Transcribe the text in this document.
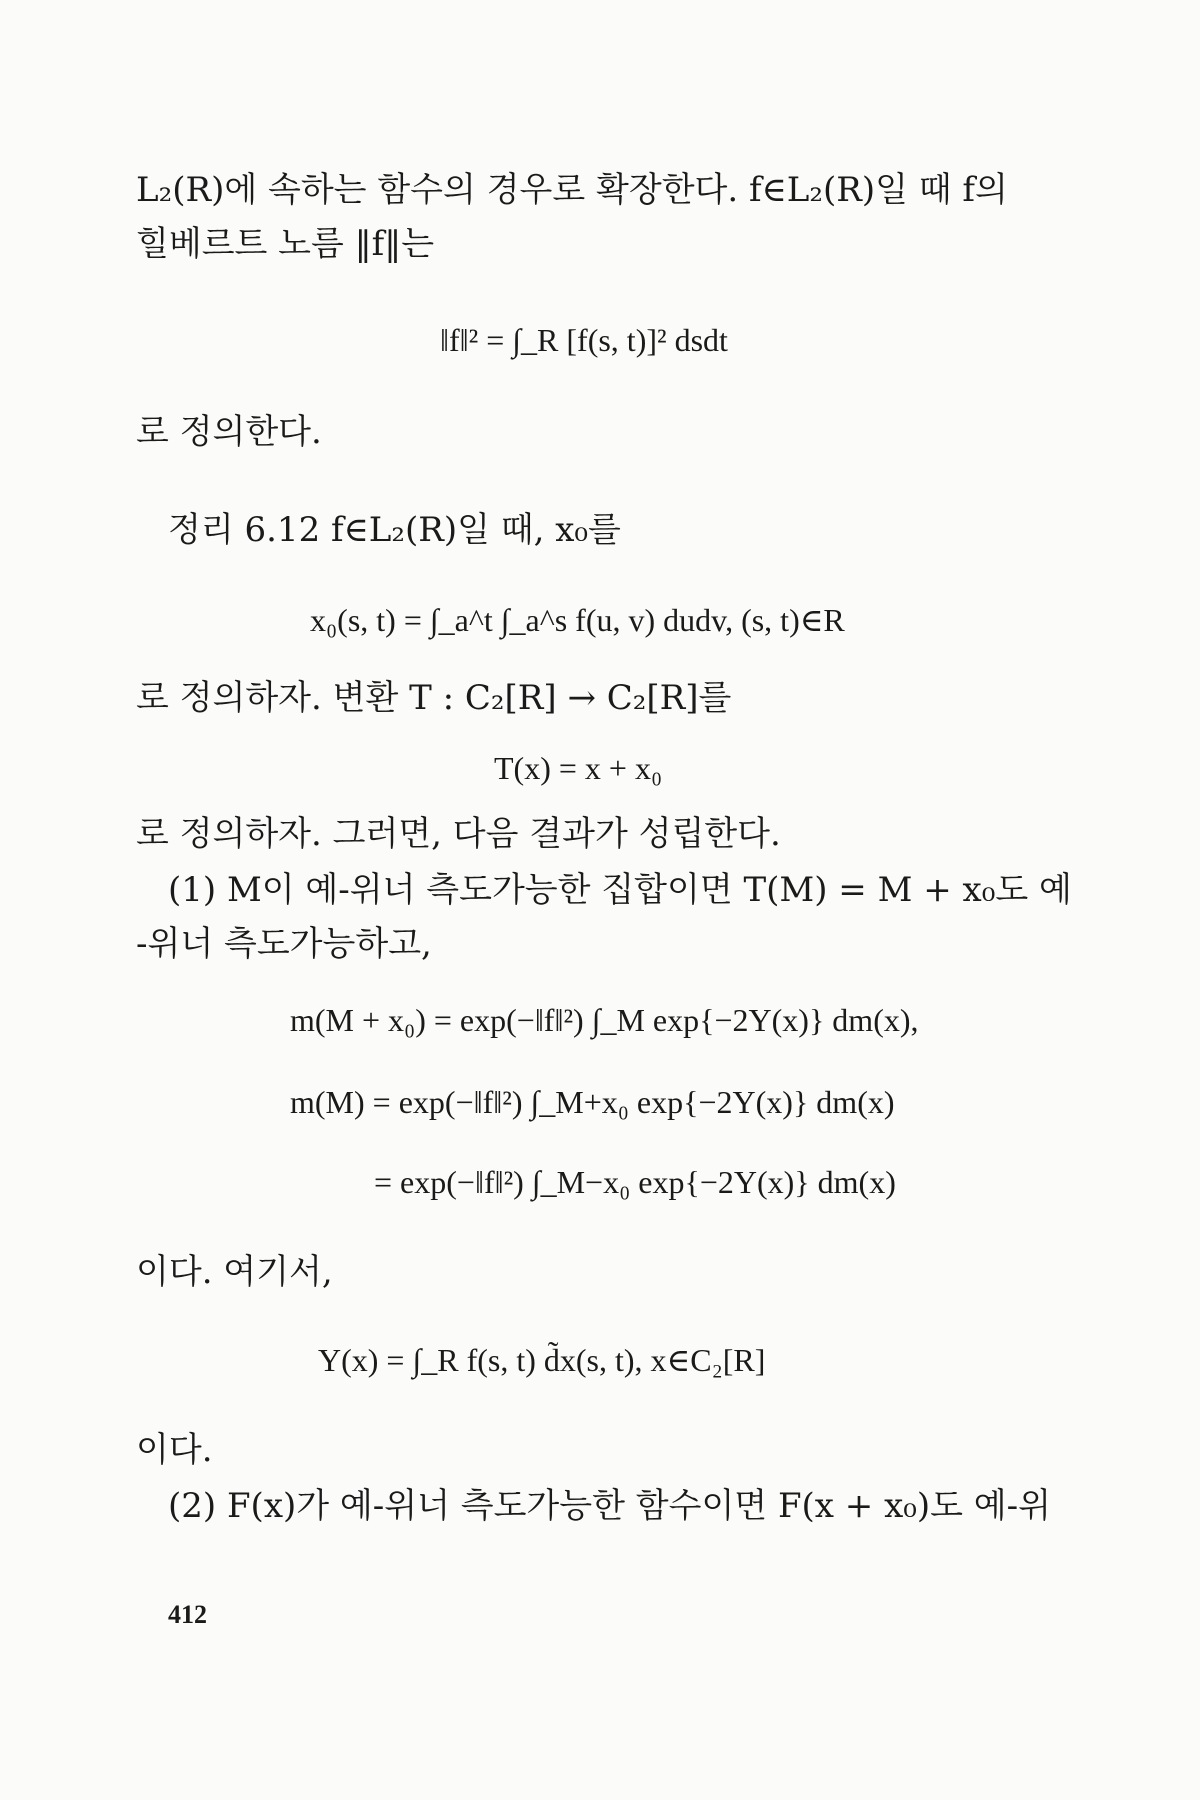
L₂(R)에 속하는 함수의 경우로 확장한다. f∈L₂(R)일 때 f의
힐베르트 노름 ‖f‖는
‖f‖² = ∫_R [f(s, t)]² dsdt
로 정의한다.
정리 6.12 f∈L₂(R)일 때, x₀를
x₀(s, t) = ∫_a^t ∫_a^s f(u, v) dudv, (s, t)∈R
로 정의하자. 변환 T : C₂[R] → C₂[R]를
T(x) = x + x₀
로 정의하자. 그러면, 다음 결과가 성립한다.
(1) M이 예-위너 측도가능한 집합이면 T(M) = M + x₀도 예
-위너 측도가능하고,
m(M + x₀) = exp(−‖f‖²) ∫_M exp{−2Y(x)} dm(x),
m(M) = exp(−‖f‖²) ∫_M+x₀ exp{−2Y(x)} dm(x)
= exp(−‖f‖²) ∫_M−x₀ exp{−2Y(x)} dm(x)
이다. 여기서,
Y(x) = ∫_R f(s, t) d̃x(s, t), x∈C₂[R]
이다.
(2) F(x)가 예-위너 측도가능한 함수이면 F(x + x₀)도 예-위
412
